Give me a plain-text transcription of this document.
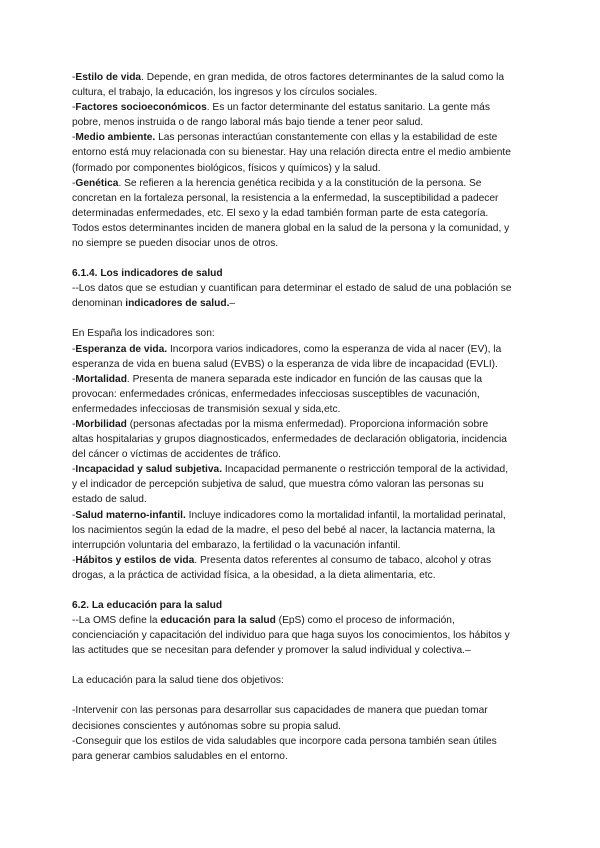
-Estilo de vida. Depende, en gran medida, de otros factores determinantes de la salud como la cultura, el trabajo, la educación, los ingresos y los círculos sociales.

-Factores socioeconómicos. Es un factor determinante del estatus sanitario. La gente más pobre, menos instruida o de rango laboral más bajo tiende a tener peor salud.

-Medio ambiente. Las personas interactúan constantemente con ellas y la estabilidad de este entorno está muy relacionada con su bienestar. Hay una relación directa entre el medio ambiente (formado por componentes biológicos, físicos y químicos) y la salud.

-Genética. Se refieren a la herencia genética recibida y a la constitución de la persona. Se concretan en la fortaleza personal, la resistencia a la enfermedad, la susceptibilidad a padecer determinadas enfermedades, etc. El sexo y la edad también forman parte de esta categoría. Todos estos determinantes inciden de manera global en la salud de la persona y la comunidad, y no siempre se pueden disociar unos de otros.

6.1.4. Los indicadores de salud

--Los datos que se estudian y cuantifican para determinar el estado de salud de una población se denominan indicadores de salud.–

En España los indicadores son:

-Esperanza de vida. Incorpora varios indicadores, como la esperanza de vida al nacer (EV), la esperanza de vida en buena salud (EVBS) o la esperanza de vida libre de incapacidad (EVLI).

-Mortalidad. Presenta de manera separada este indicador en función de las causas que la provocan: enfermedades crónicas, enfermedades infecciosas susceptibles de vacunación, enfermedades infecciosas de transmisión sexual y sida,etc.

-Morbilidad (personas afectadas por la misma enfermedad). Proporciona información sobre altas hospitalarias y grupos diagnosticados, enfermedades de declaración obligatoria, incidencia del cáncer o víctimas de accidentes de tráfico.

-Incapacidad y salud subjetiva. Incapacidad permanente o restricción temporal de la actividad, y el indicador de percepción subjetiva de salud, que muestra cómo valoran las personas su estado de salud.

-Salud materno-infantil. Incluye indicadores como la mortalidad infantil, la mortalidad perinatal, los nacimientos según la edad de la madre, el peso del bebé al nacer, la lactancia materna, la interrupción voluntaria del embarazo, la fertilidad o la vacunación infantil.

-Hábitos y estilos de vida. Presenta datos referentes al consumo de tabaco, alcohol y otras drogas, a la práctica de actividad física, a la obesidad, a la dieta alimentaria, etc.

6.2. La educación para la salud

--La OMS define la educación para la salud (EpS) como el proceso de información, concienciación y capacitación del individuo para que haga suyos los conocimientos, los hábitos y las actitudes que se necesitan para defender y promover la salud individual y colectiva.–

La educación para la salud tiene dos objetivos:

-Intervenir con las personas para desarrollar sus capacidades de manera que puedan tomar decisiones conscientes y autónomas sobre su propia salud.

-Conseguir que los estilos de vida saludables que incorpore cada persona también sean útiles para generar cambios saludables en el entorno.
